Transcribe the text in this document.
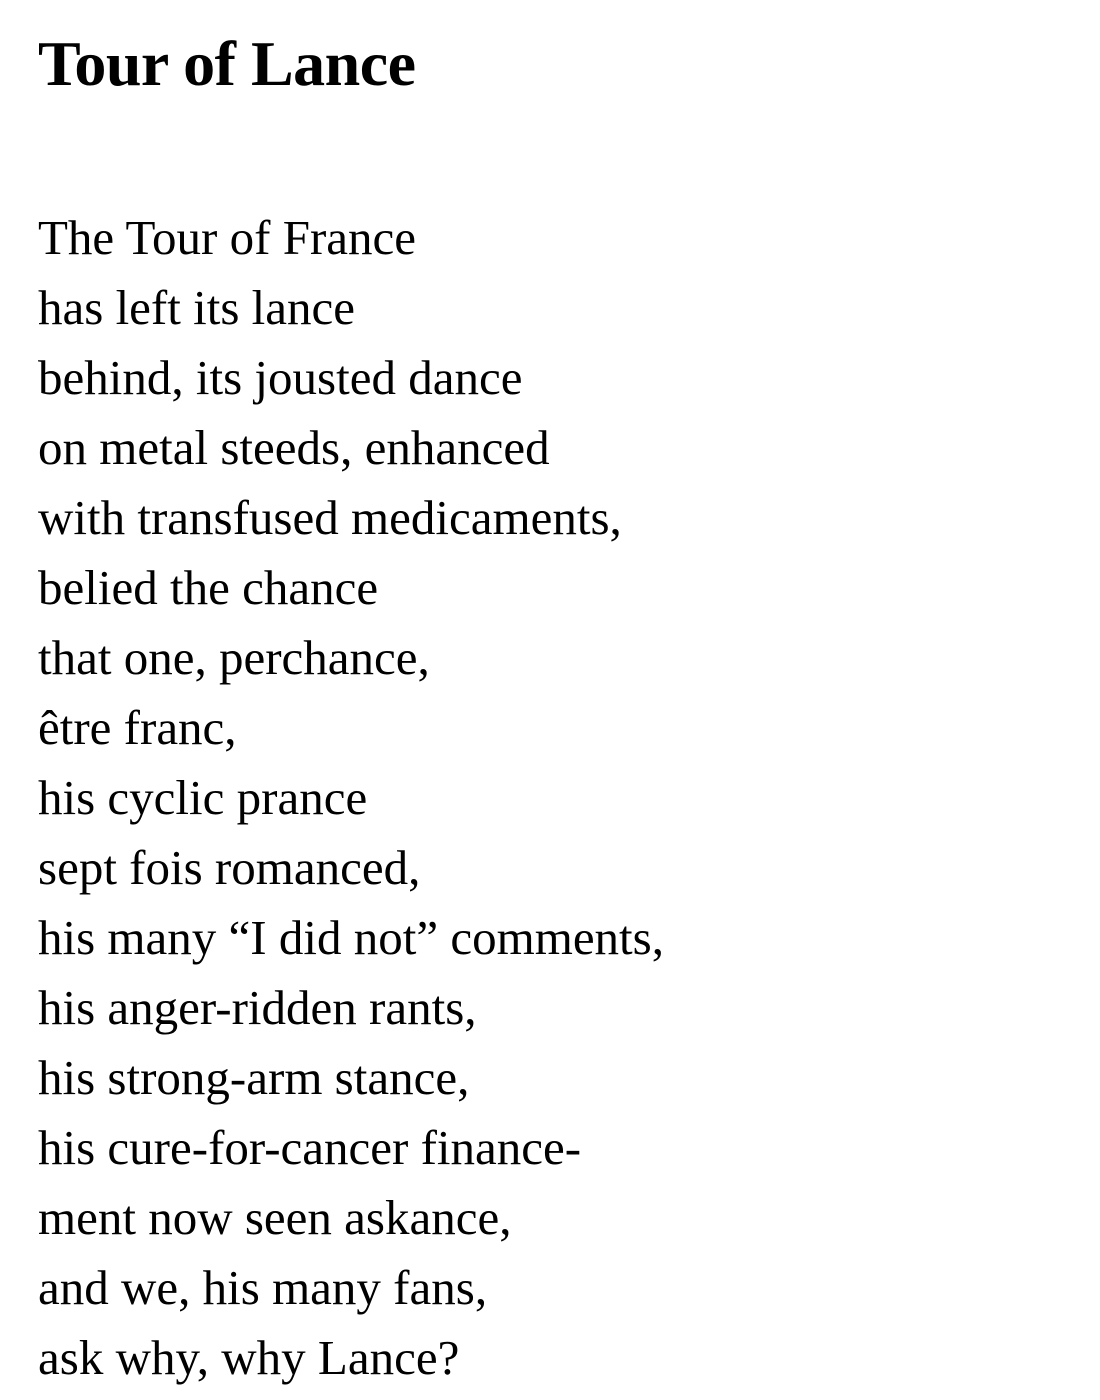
Tour of Lance

The Tour of France

has left its lance

behind, its jousted dance

on metal steeds, enhanced

with transfused medicaments,

belied the chance

that one, perchance,

être franc,

his cyclic prance

sept fois romanced,

his many “I did not” comments,

his anger-ridden rants,

his strong-arm stance,

his cure-for-cancer finance-

ment now seen askance,

and we, his many fans,

ask why, why Lance?
